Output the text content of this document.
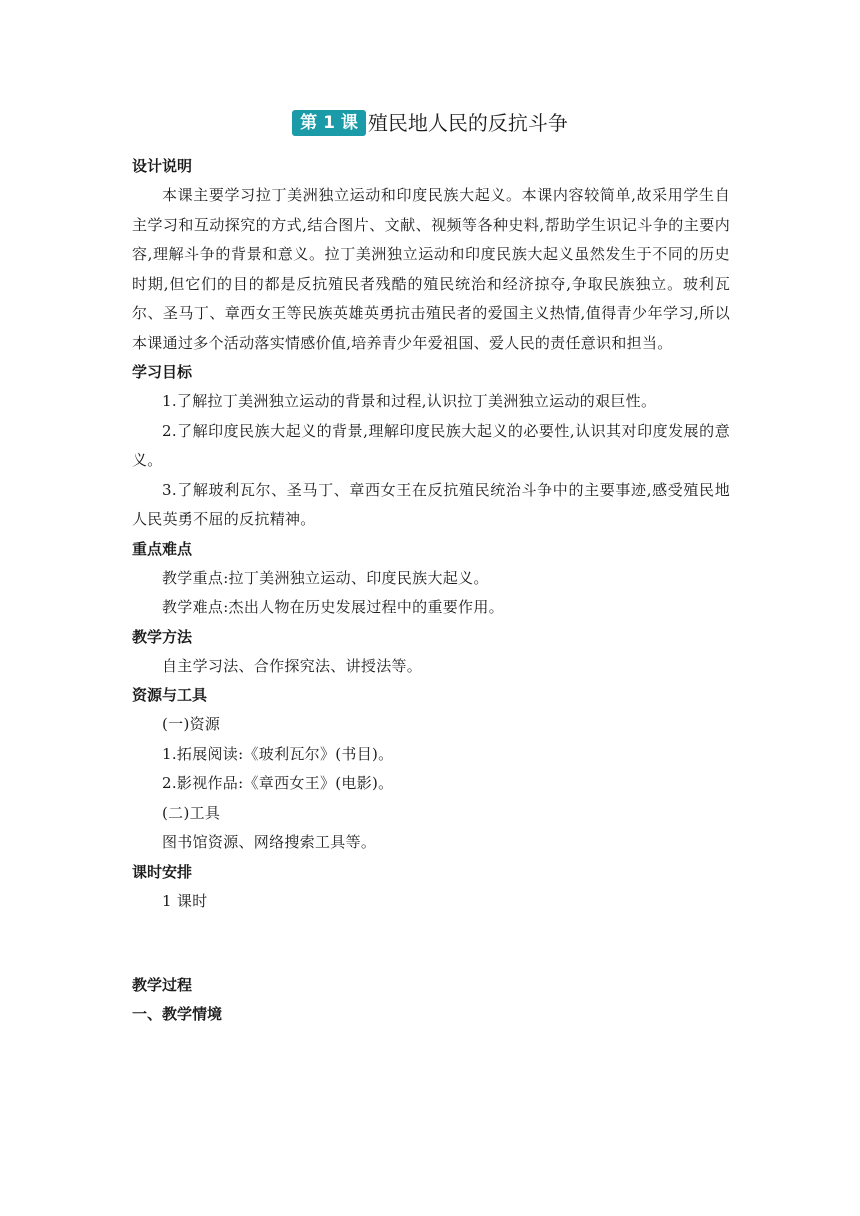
第 1 课 殖民地人民的反抗斗争
设计说明

本课主要学习拉丁美洲独立运动和印度民族大起义。本课内容较简单,故采用学生自主学习和互动探究的方式,结合图片、文献、视频等各种史料,帮助学生识记斗争的主要内容,理解斗争的背景和意义。拉丁美洲独立运动和印度民族大起义虽然发生于不同的历史时期,但它们的目的都是反抗殖民者残酷的殖民统治和经济掠夺,争取民族独立。玻利瓦尔、圣马丁、章西女王等民族英雄英勇抗击殖民者的爱国主义热情,值得青少年学习,所以本课通过多个活动落实情感价值,培养青少年爱祖国、爱人民的责任意识和担当。

学习目标

1.了解拉丁美洲独立运动的背景和过程,认识拉丁美洲独立运动的艰巨性。

2.了解印度民族大起义的背景,理解印度民族大起义的必要性,认识其对印度发展的意义。

3.了解玻利瓦尔、圣马丁、章西女王在反抗殖民统治斗争中的主要事迹,感受殖民地人民英勇不屈的反抗精神。

重点难点

教学重点:拉丁美洲独立运动、印度民族大起义。

教学难点:杰出人物在历史发展过程中的重要作用。

教学方法

自主学习法、合作探究法、讲授法等。

资源与工具

(一)资源

1.拓展阅读:《玻利瓦尔》(书目)。

2.影视作品:《章西女王》(电影)。

(二)工具

图书馆资源、网络搜索工具等。

课时安排

1 课时

教学过程
一、教学情境
